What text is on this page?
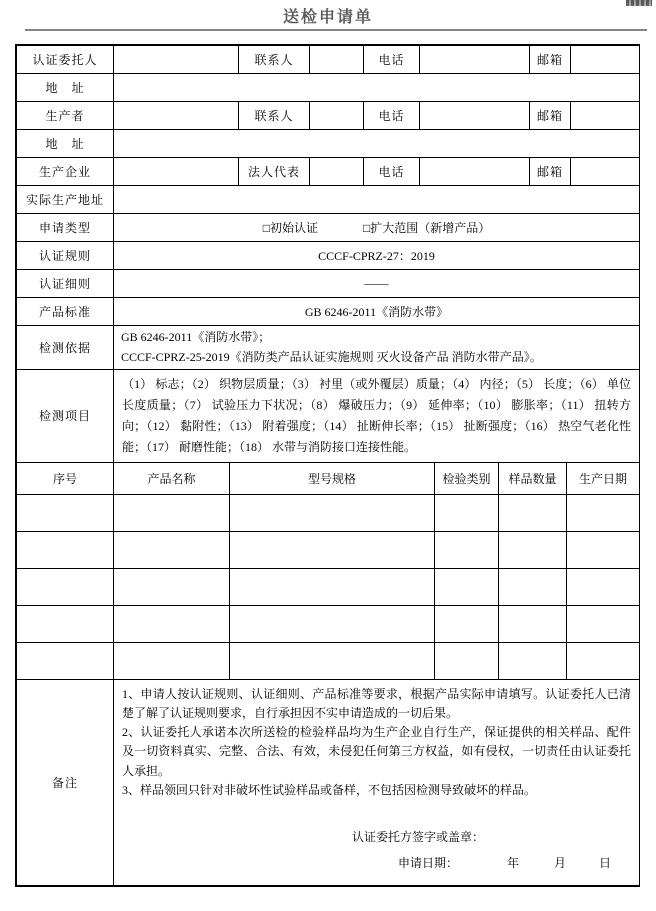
送检申请单
认证委托人		联系人		电话		邮箱	
地　址							
生产者		联系人		电话		邮箱	
地　址							
生产企业		法人代表		电话		邮箱	
实际生产地址							
申请类型	□初始认证 □扩大范围（新增产品）						
认证规则	CCCF-CPRZ-27：2019						
认证细则	——						
产品标准	GB 6246-2011《消防水带》						
检测依据	GB 6246-2011《消防水带》；
CCCF-CPRZ-25-2019《消防类产品认证实施规则 灭火设备产品 消防水带产品》。						

检测项目	（1） 标志；（2） 织物层质量；（3） 衬里（或外覆层）质量；（4） 内径；（5） 长度；（6） 单位长度质量；（7） 试验压力下状况；（8） 爆破压力；（9） 延伸率；（10） 膨胀率；（11） 扭转方向；（12） 黏附性；（13） 附着强度；（14） 扯断伸长率；（15） 扯断强度；（16） 热空气老化性能；（17） 耐磨性能；（18） 水带与消防接口连接性能。						
序号	产品名称	型号规格	检验类别	样品数量	生产日期

备注	
1、申请人按认证规则、认证细则、产品标准等要求，根据产品实际申请填写。认证委托人已清楚了解了认证规则要求，自行承担因不实申请造成的一切后果。
2、认证委托人承诺本次所送检的检验样品均为生产企业自行生产，保证提供的相关样品、配件及一切资料真实、完整、合法、有效，未侵犯任何第三方权益，如有侵权，一切责任由认证委托人承担。
3、样品领回只针对非破坏性试验样品或备样，不包括因检测导致破坏的样品。
认证委托方签字或盖章：
申请日期：	年	月	日
